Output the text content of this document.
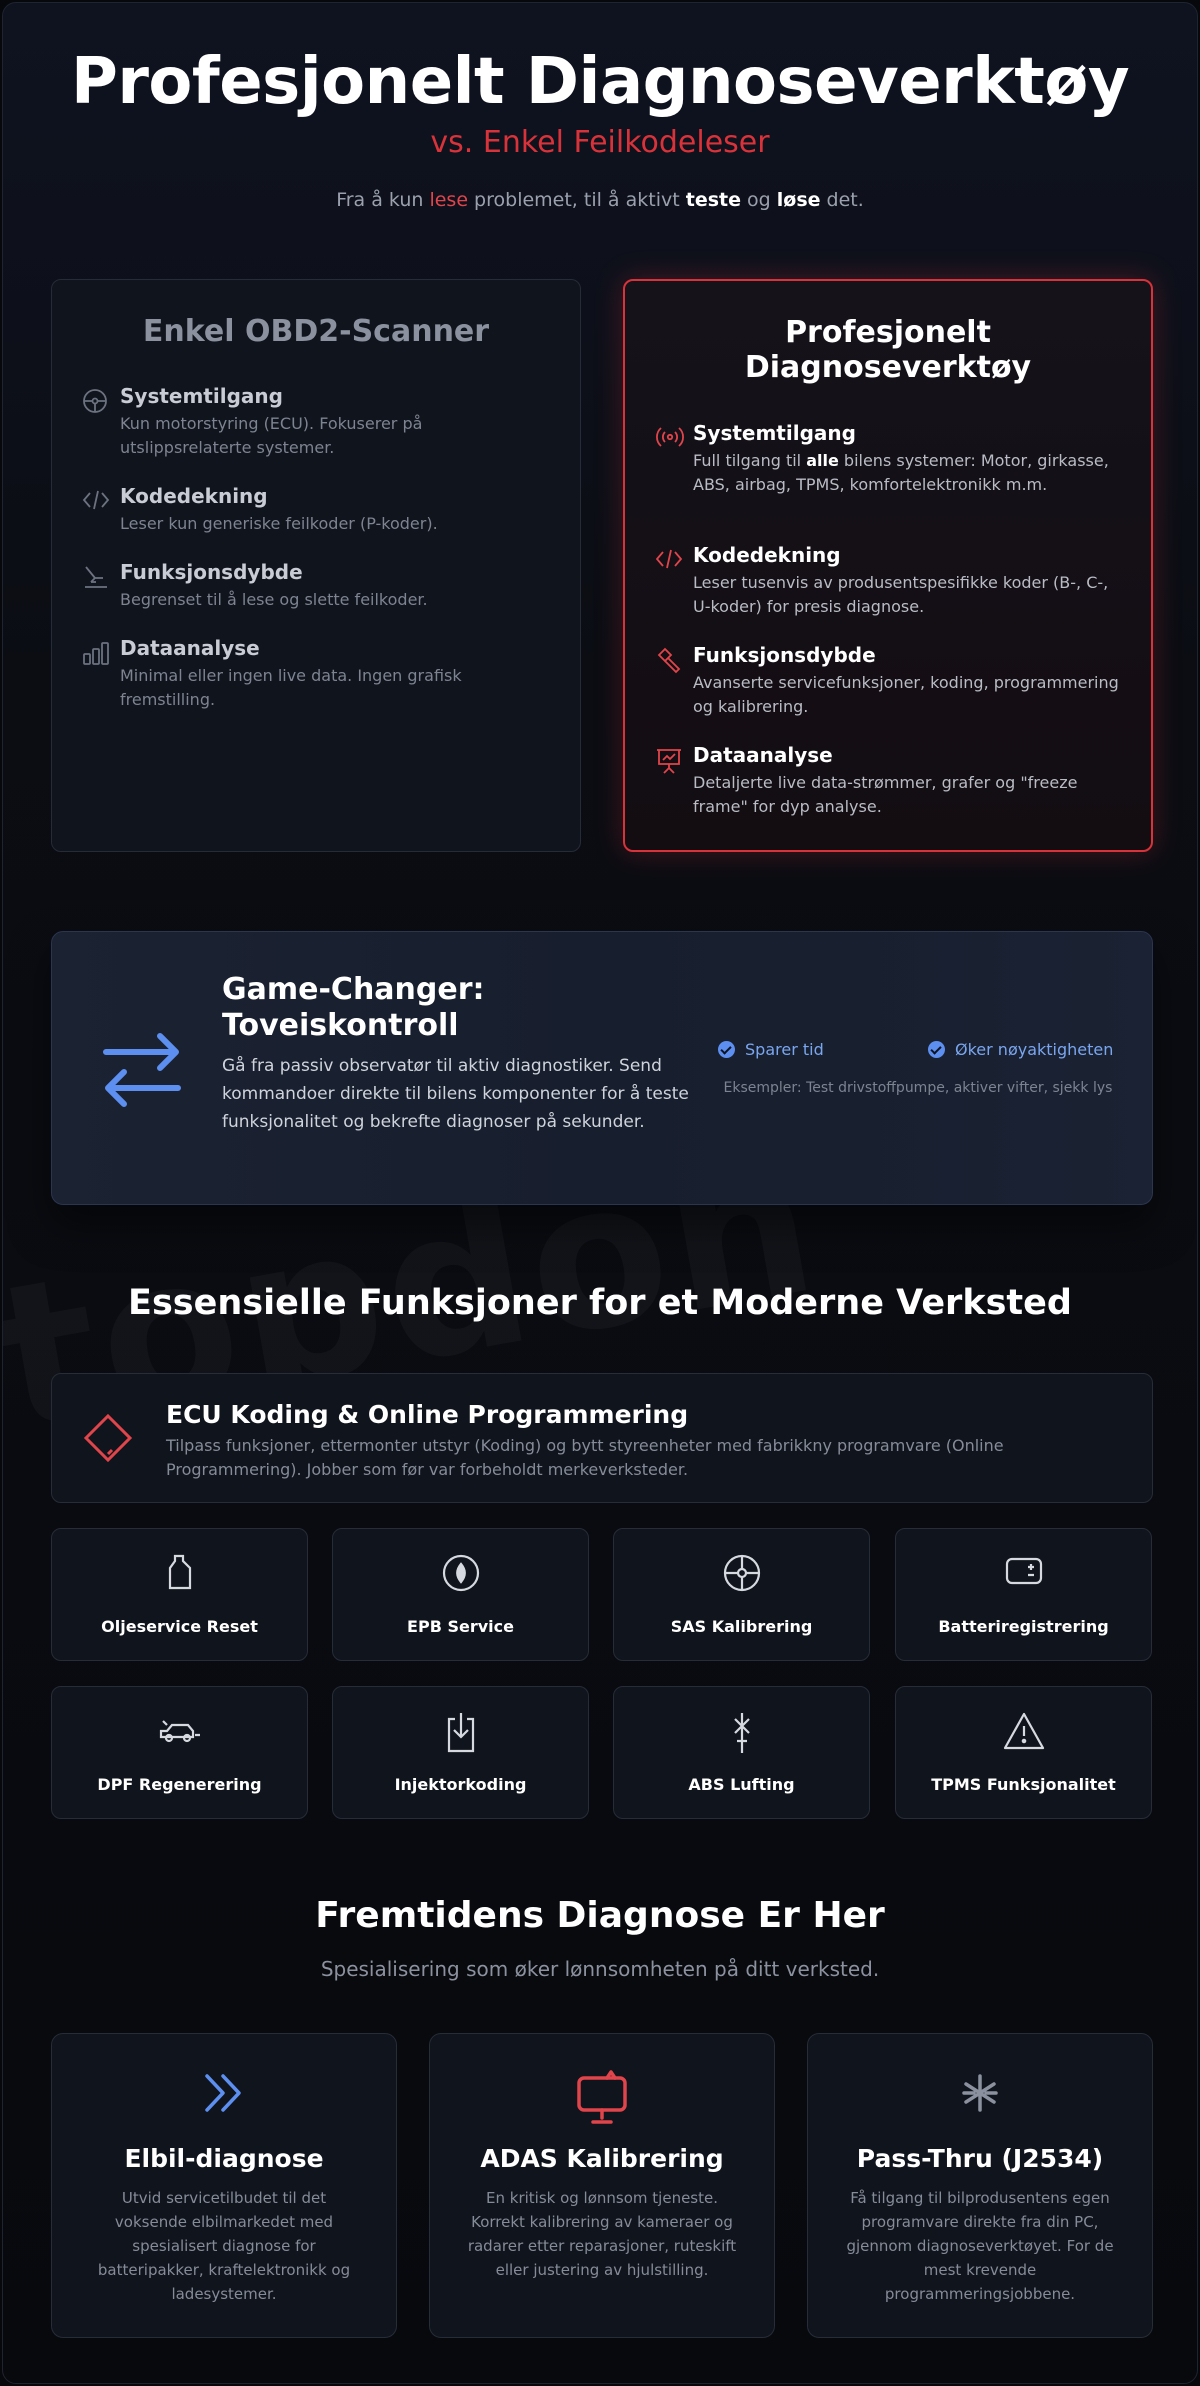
Profesjonelt Diagnoseverktøy
vs. Enkel Feilkodeleser
Fra å kun lese problemet, til å aktivt teste og løse det.
Enkel OBD2-Scanner
Systemtilgang
Kun motorstyring (ECU). Fokuserer på utslippsrelaterte systemer.
Kodedekning
Leser kun generiske feilkoder (P-koder).
Funksjonsdybde
Begrenset til å lese og slette feilkoder.
Dataanalyse
Minimal eller ingen live data. Ingen grafisk fremstilling.
Profesjonelt Diagnoseverktøy
Systemtilgang
Full tilgang til alle bilens systemer: Motor, girkasse, ABS, airbag, TPMS, komfortelektronikk m.m.
Kodedekning
Leser tusenvis av produsentspesifikke koder (B-, C-, U-koder) for presis diagnose.
Funksjonsdybde
Avanserte servicefunksjoner, koding, programmering og kalibrering.
Dataanalyse
Detaljerte live data-strømmer, grafer og "freeze frame" for dyp analyse.
Game-Changer: Toveiskontroll
Gå fra passiv observatør til aktiv diagnostiker. Send kommandoer direkte til bilens komponenter for å teste funksjonalitet og bekrefte diagnoser på sekunder.
Sparer tid	Øker nøyaktigheten
Eksempler: Test drivstoffpumpe, aktiver vifter, sjekk lys
Essensielle Funksjoner for et Moderne Verksted
ECU Koding & Online Programmering
Tilpass funksjoner, ettermonter utstyr (Koding) og bytt styreenheter med fabrikkny programvare (Online Programmering). Jobber som før var forbeholdt merkeverksteder.
Oljeservice Reset	EPB Service	SAS Kalibrering	Batteriregistrering
DPF Regenerering	Injektorkoding	ABS Lufting	TPMS Funksjonalitet
Fremtidens Diagnose Er Her
Spesialisering som øker lønnsomheten på ditt verksted.
Elbil-diagnose
Utvid servicetilbudet til det voksende elbilmarkedet med spesialisert diagnose for batteripakker, kraftelektronikk og ladesystemer.
ADAS Kalibrering
En kritisk og lønnsom tjeneste. Korrekt kalibrering av kameraer og radarer etter reparasjoner, ruteskift eller justering av hjulstilling.
Pass-Thru (J2534)
Få tilgang til bilprodusentens egen programvare direkte fra din PC, gjennom diagnoseverktøyet. For de mest krevende programmeringsjobbene.
